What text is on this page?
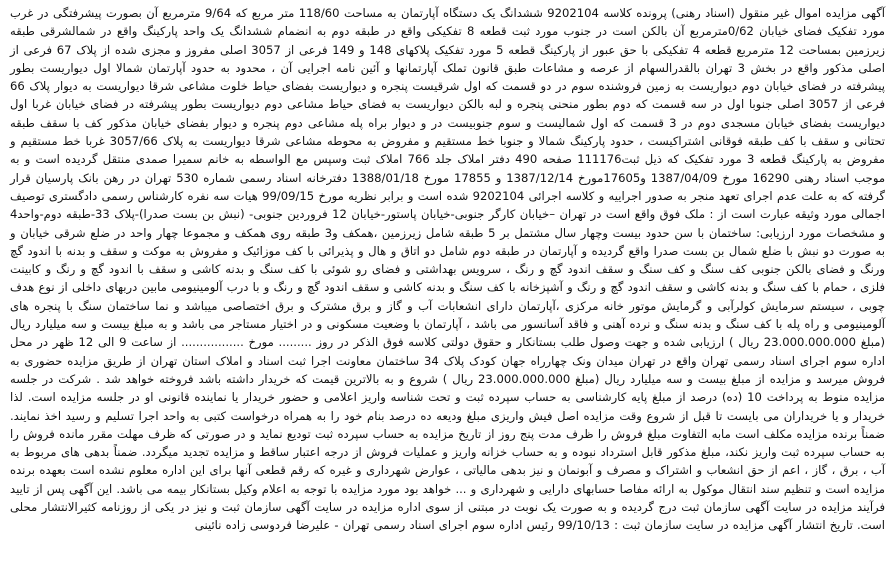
آگهی مزایده اموال غیر منقول (اسناد رهنی) پرونده کلاسه 9202104 ششدانگ یک دستگاه آپارتمان به مساحت 118/60 متر مربع که 9/64 مترمربع آن بصورت پیشرفتگی در غرب مورد تفکیک فضای خیابان 0/62مترمربع آن بالکن است در جنوب مورد ثبت قطعه 8 تفکیکی واقع در طبقه دوم به انضمام ششدانگ یک واحد پارکینگ واقع در شمالشرقی طبقه زیرزمین بمساحت 12 مترمربع قطعه 4 تفکیکی با حق عبور از پارکینگ قطعه 5 مورد تفکیک پلاکهای 148 و 149 فرعی از 3057 اصلی مفروز و مجزی شده از پلاک 67 فرعی از اصلی مذکور واقع در بخش 3 تهران بالقدرالسهام از عرصه و مشاعات طبق قانون تملک آپارتمانها و آئین نامه اجرایی آن ، محدود به حدود آپارتمان شمالا اول دیواریست بطور پیشرفته در فضای خیابان دوم دیواریست به زمین فروشنده سوم در دو قسمت که اول شرقیست پنجره و دیواریست بفضای حیاط خلوت مشاعی شرقا دیواریست به دیوار پلاک 66 فرعی از 3057 اصلی جنوبا اول در سه قسمت که دوم بطور منحنی پنجره و لبه بالکن دیواریست به فضای حیاط مشاعی دوم دیواریست بطور پیشرفته در فضای خیابان غربا اول دیواریست بفضای خیابان مسجدی دوم در 3 قسمت که اول شمالیست و سوم جنوبیست در و دیوار براه پله مشاعی دوم پنجره و دیوار بفضای خیابان مذکور کف با سقف طبقه تحتانی و سقف با کف طبقه فوقانی اشتراکیست ، حدود پارکینگ شمالا و جنوبا خط مستقیم و مفروض به محوطه مشاعی شرقا دیواریست به پلاک 3057/66 غربا خط مستقیم و مفروض به پارکینگ قطعه 3 مورد تفکیک که ذیل ثبت111176 صفحه 490 دفتر املاک جلد 766 املاک ثبت وسپس مع الواسطه به خانم سمیرا صمدی منتقل گردیده است و به موجب اسناد رهنی 16290 مورخ 1387/04/09 و17605مورخ 1387/12/14 و 17855 مورخ 1388/01/18 دفترخانه اسناد رسمی شماره 530 تهران در رهن بانک پارسیان قرار گرفته که به علت عدم اجرای تعهد منجر به صدور اجراییه و کلاسه اجرائی 9202104 شده است و برابر نظریه مورخ 99/09/15 هیات سه نفره کارشناس رسمی دادگستری توصیف اجمالی مورد وثیقه عبارت است از : ملک فوق واقع است در تهران –خیابان کارگر جنوبی-خیابان پاستور-خیابان 12 فروردین جنوبی- (نبش بن بست صدرا)-پلاک 33-طبقه دوم-واحد4 و مشخصات مورد ارزیابی: ساختمان با سن حدود بیست وچهار سال مشتمل بر 5 طبقه شامل زیرزمین ،همکف و3 طبقه روی همکف و مجموعا چهار واحد در ضلع شرقی خیابان و به صورت دو نبش با ضلع شمال بن بست صدرا واقع گردیده و آپارتمان در طبقه دوم شامل دو اتاق و هال و پذیرائی با کف موزائیک و مفروش به موکت و سقف و بدنه با اندود گچ ورنگ و فضای بالکن جنوبی کف سنگ و کف سنگ و سقف اندود گچ و رنگ ، سرویس بهداشتی و فضای رو شوئی با کف سنگ و بدنه کاشی و سقف با اندود گچ و رنگ و کابینت فلزی ، حمام با کف سنگ و بدنه کاشی و سقف اندود گچ و رنگ و آشپزخانه با کف سنگ و بدنه کاشی و سقف اندود گچ و رنگ و با درب آلومینیومی مابین دربهای داخلی از نوع هدف چوبی ، سیستم سرمایش کولرآبی و گرمایش موتور خانه مرکزی ،آپارتمان دارای انشعابات آب و گاز و برق مشترک و برق اختصاصی میباشد و نما ساختمان سنگ با پنجره های آلومینیومی و راه پله با کف سنگ و بدنه سنگ و نرده آهنی و فاقد آسانسور می باشد ، آپارتمان با وضعیت مسکونی و در اختیار مستاجر می باشد و به مبلغ بیست و سه میلیارد ریال (مبلغ 23.000.000.000 ریال ) ارزیابی شده و جهت وصول طلب بستانکار و حقوق دولتی کلاسه فوق الذکر در روز ......... مورخ ................. از ساعت 9 الی 12 ظهر در محل اداره سوم اجرای اسناد رسمی تهران واقع در تهران میدان ونک چهارراه جهان کودک پلاک 34 ساختمان معاونت اجرا ثبت اسناد و املاک استان تهران از طریق مزایده حضوری به فروش میرسد و مزایده از مبلغ بیست و سه میلیارد ریال (مبلغ 23.000.000.000 ریال ) شروع و به بالاترین قیمت که خریدار داشته باشد فروخته خواهد شد . شرکت در جلسه مزایده منوط به پرداخت 10 (ده) درصد از مبلغ پایه کارشناسی به حساب سپرده ثبت و تحت شناسه واریز اعلامی و حضور خریدار یا نماینده قانونی او در جلسه مزایده است. لذا خریدار و یا خریداران می بایست تا قبل از شروع وقت مزایده اصل فیش واریزی مبلغ ودیعه ده درصد بنام خود را به همراه درخواست کتبی به واحد اجرا تسلیم و رسید اخذ نمایند. ضمناً برنده مزایده مکلف است مابه التفاوت مبلغ فروش را ظرف مدت پنج روز از تاریخ مزایده به حساب سپرده ثبت تودیع نماید و در صورتی که ظرف مهلت مقرر مانده فروش را به حساب سپرده ثبت واریز نکند، مبلغ مذکور قابل استرداد نبوده و به حساب خزانه واریز و عملیات فروش از درجه اعتبار ساقط و مزایده تجدید میگردد. ضمناً بدهی های مربوط به آب ، برق ، گاز ، اعم از حق انشعاب و اشتراک و مصرف و آبونمان و نیز بدهی مالیاتی ، عوارض شهرداری و غیره که رقم قطعی آنها برای این اداره معلوم نشده است بعهده برنده مزایده است و تنظیم سند انتقال موکول به ارائه مفاصا حسابهای دارایی و شهرداری و ... خواهد بود مورد مزایده با توجه به اعلام وکیل بستانکار بیمه می باشد. این آگهی پس از تایید فرآیند مزایده در سایت آگهی سازمان ثبت درج گردیده و به صورت یک نوبت در مبتنی از سوی اداره مزایده در سایت آگهی سازمان ثبت و نیز در یکی از روزنامه کثیرالانتشار محلی است. تاریخ انتشار آگهی مزایده در سایت سازمان ثبت : 99/10/13 رئیس اداره سوم اجرای اسناد رسمی تهران - علیرضا فردوسی زاده نائینی
